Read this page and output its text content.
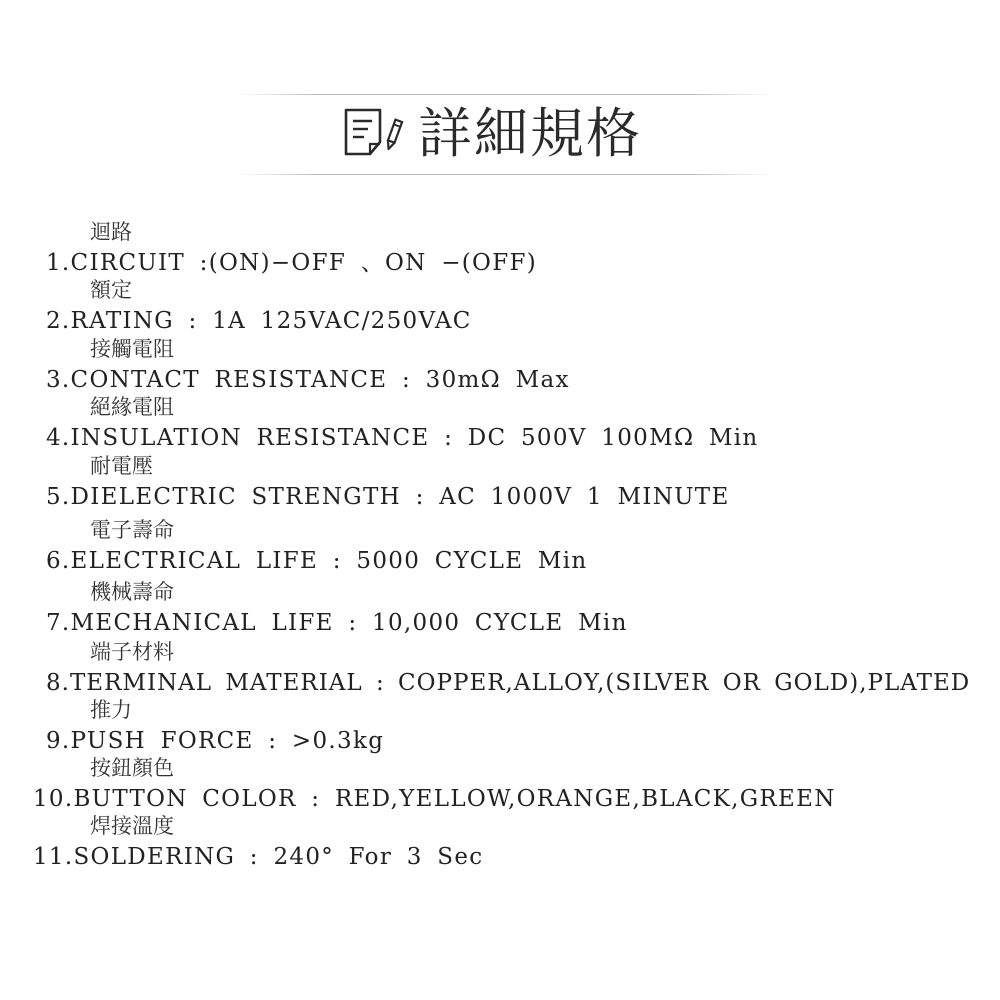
詳細規格
迴路
1.CIRCUIT :(ON)−OFF 、ON −(OFF)
額定
2.RATING : 1A 125VAC/250VAC
接觸電阻
3.CONTACT RESISTANCE : 30mΩ Max
絕緣電阻
4.INSULATION RESISTANCE : DC 500V 100MΩ Min
耐電壓
5.DIELECTRIC STRENGTH : AC 1000V 1 MINUTE
電子壽命
6.ELECTRICAL LIFE : 5000 CYCLE Min
機械壽命
7.MECHANICAL LIFE : 10,000 CYCLE Min
端子材料
8.TERMINAL MATERIAL : COPPER,ALLOY,(SILVER OR GOLD),PLATED
推力
9.PUSH FORCE : >0.3kg
按鈕顏色
10.BUTTON COLOR : RED,YELLOW,ORANGE,BLACK,GREEN
焊接溫度
11.SOLDERING : 240° For 3 Sec
